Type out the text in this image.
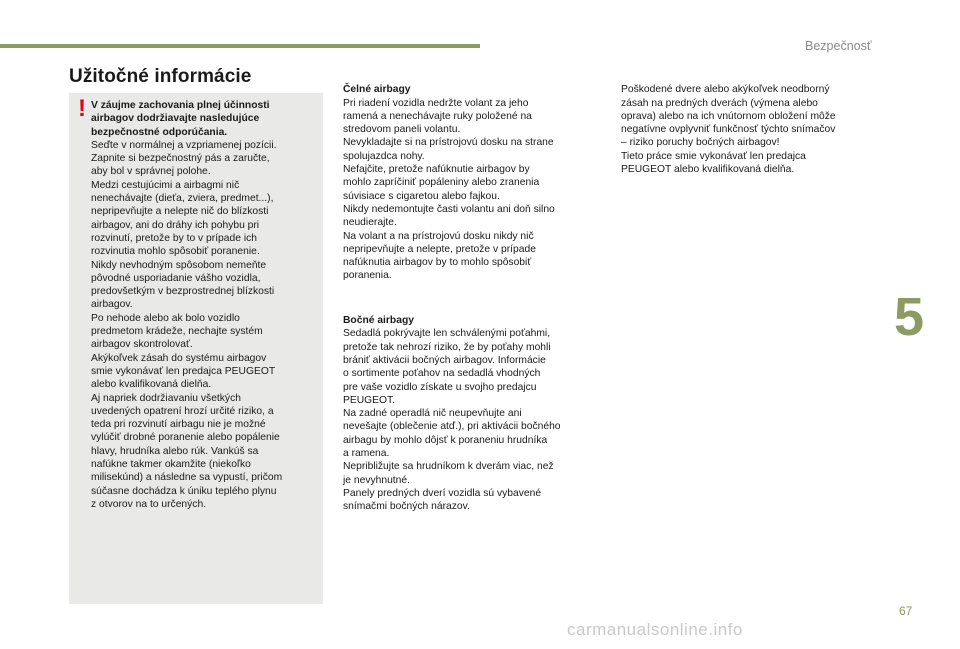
Bezpečnosť
Užitočné informácie
! V záujme zachovania plnej účinnosti
airbagov dodržiavajte nasledujúce
bezpečnostné odporúčania.
Seďte v normálnej a vzpriamenej pozícii.
Zapnite si bezpečnostný pás a zaručte,
aby bol v správnej polohe.
Medzi cestujúcimi a airbagmi nič
nenechávajte (dieťa, zviera, predmet...),
nepripevňujte a nelepte nič do blízkosti
airbagov, ani do dráhy ich pohybu pri
rozvinutí, pretože by to v prípade ich
rozvinutia mohlo spôsobiť poranenie.
Nikdy nevhodným spôsobom nemeňte
pôvodné usporiadanie vášho vozidla,
predovšetkým v bezprostrednej blízkosti
airbagov.
Po nehode alebo ak bolo vozidlo
predmetom krádeže, nechajte systém
airbagov skontrolovať.
Akýkoľvek zásah do systému airbagov
smie vykonávať len predajca PEUGEOT
alebo kvalifikovaná dielňa.
Aj napriek dodržiavaniu všetkých
uvedených opatrení hrozí určité riziko, a
teda pri rozvinutí airbagu nie je možné
vylúčiť drobné poranenie alebo popálenie
hlavy, hrudníka alebo rúk. Vankúš sa
nafúkne takmer okamžite (niekoľko
milisekúnd) a následne sa vypustí, pričom
súčasne dochádza k úniku teplého plynu
z otvorov na to určených.

Čelné airbagy
Pri riadení vozidla nedržte volant za jeho
ramená a nenechávajte ruky položené na
stredovom paneli volantu.
Nevykladajte si na prístrojovú dosku na strane
spolujazdca nohy.
Nefajčite, pretože nafúknutie airbagov by
mohlo zapríčiniť popáleniny alebo zranenia
súvisiace s cigaretou alebo fajkou.
Nikdy nedemontujte časti volantu ani doň silno
neudierajte.
Na volant a na prístrojovú dosku nikdy nič
nepripevňujte a nelepte, pretože v prípade
nafúknutia airbagov by to mohlo spôsobiť
poranenia.

Bočné airbagy
Sedadlá pokrývajte len schválenými poťahmi,
pretože tak nehrozí riziko, že by poťahy mohli
brániť aktivácii bočných airbagov. Informácie
o sortimente poťahov na sedadlá vhodných
pre vaše vozidlo získate u svojho predajcu
PEUGEOT.
Na zadné operadlá nič neupevňujte ani
nevešajte (oblečenie atď.), pri aktivácii bočného
airbagu by mohlo dôjsť k poraneniu hrudníka
a ramena.
Nepribližujte sa hrudníkom k dverám viac, než
je nevyhnutné.
Panely predných dverí vozidla sú vybavené
snímačmi bočných nárazov.

Poškodené dvere alebo akýkoľvek neodborný
zásah na predných dverách (výmena alebo
oprava) alebo na ich vnútornom obložení môže
negatívne ovplyvniť funkčnosť týchto snímačov
– riziko poruchy bočných airbagov!
Tieto práce smie vykonávať len predajca
PEUGEOT alebo kvalifikovaná dielňa.

5
67
carmanualsonline.info
